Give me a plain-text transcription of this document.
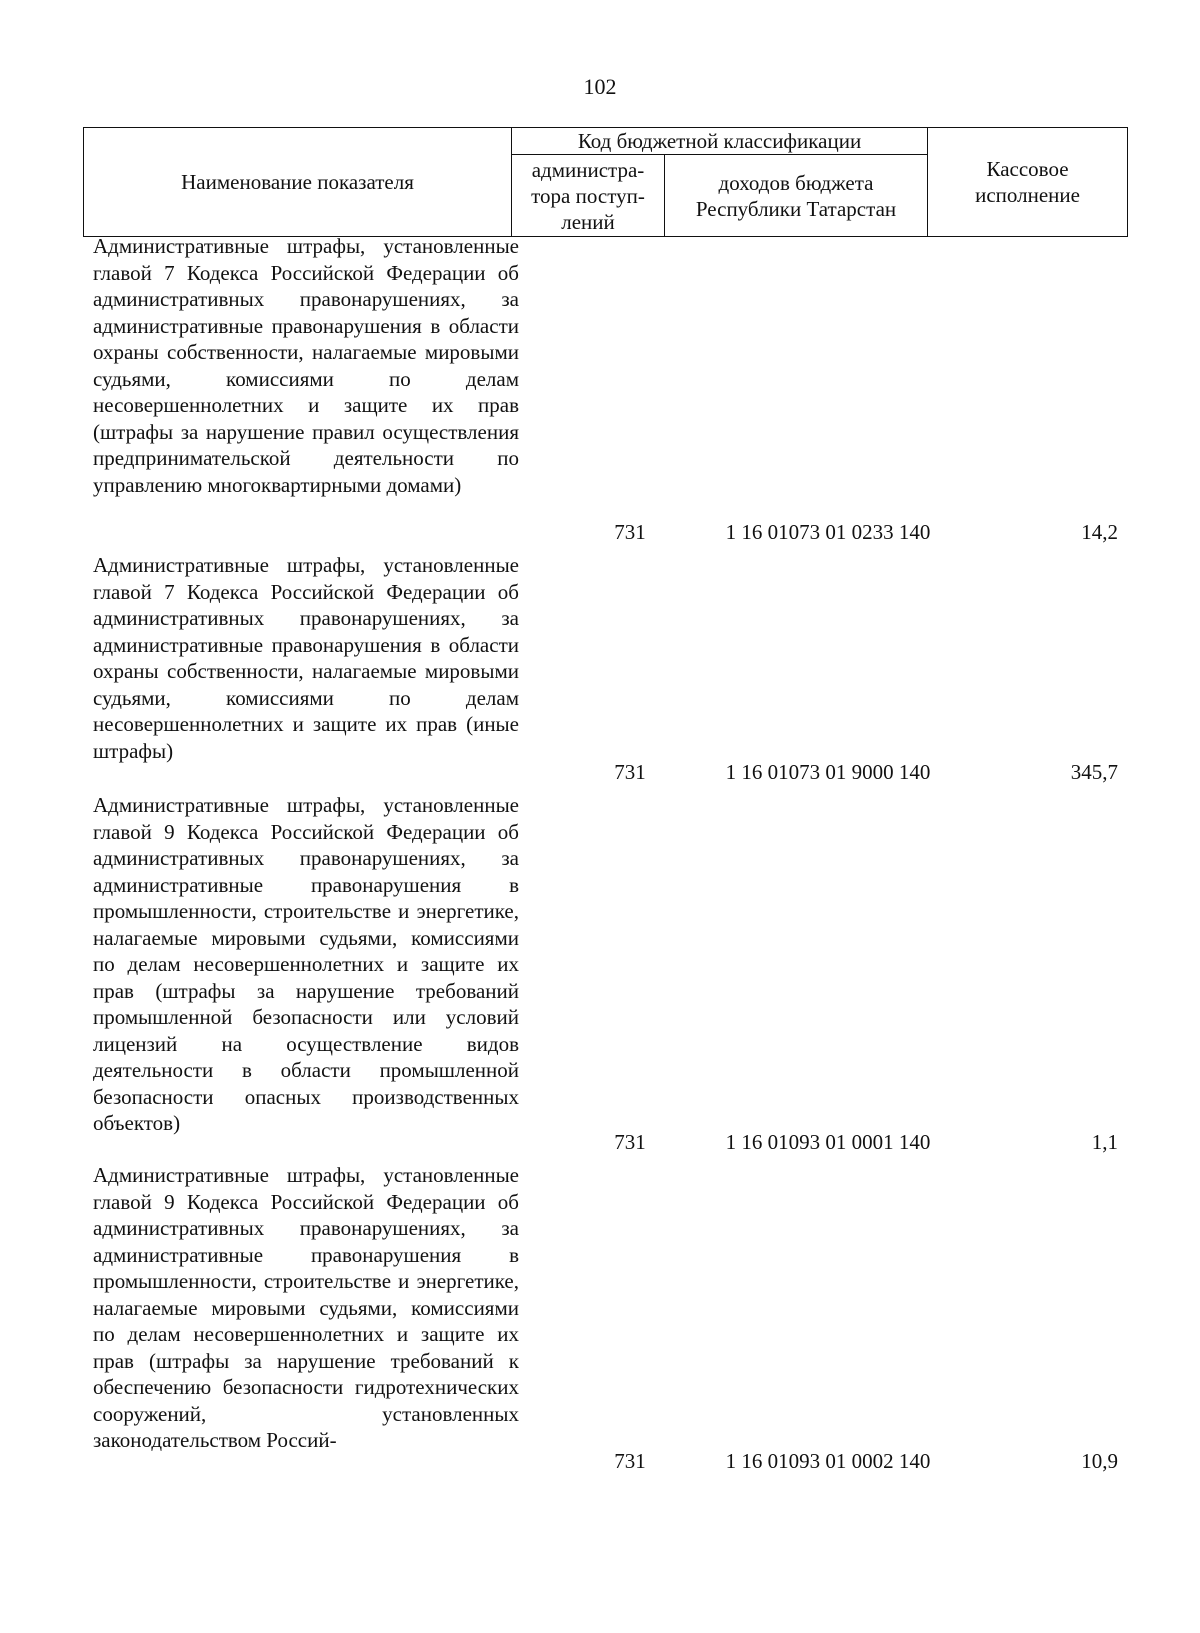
102
Наименование показателя	Код бюджетной классификации		Кассовое исполнение
	администра-тора поступ-лений	доходов бюджета Республики Татарстан	
Административные штрафы, установленные главой 7 Кодекса Российской Федерации об административных правонарушениях, за административные правонарушения в области охраны собственности, налагаемые мировыми судьями, комиссиями по делам несовершеннолетних и защите их прав (штрафы за нарушение правил осуществления предпринимательской деятельности по управлению многоквартирными домами)
731	1 16 01073 01 0233 140	14,2
Административные штрафы, установленные главой 7 Кодекса Российской Федерации об административных правонарушениях, за административные правонарушения в области охраны собственности, налагаемые мировыми судьями, комиссиями по делам несовершеннолетних и защите их прав (иные штрафы)
731	1 16 01073 01 9000 140	345,7
Административные штрафы, установленные главой 9 Кодекса Российской Федерации об административных правонарушениях, за административные правонарушения в промышленности, строительстве и энергетике, налагаемые мировыми судьями, комиссиями по делам несовершеннолетних и защите их прав (штрафы за нарушение требований промышленной безопасности или условий лицензий на осуществление видов деятельности в области промышленной безопасности опасных производственных объектов)
731	1 16 01093 01 0001 140	1,1
Административные штрафы, установленные главой 9 Кодекса Российской Федерации об административных правонарушениях, за административные правонарушения в промышленности, строительстве и энергетике, налагаемые мировыми судьями, комиссиями по делам несовершеннолетних и защите их прав (штрафы за нарушение требований к обеспечению безопасности гидротехнических сооружений, установленных законодательством Россий-
731	1 16 01093 01 0002 140	10,9
